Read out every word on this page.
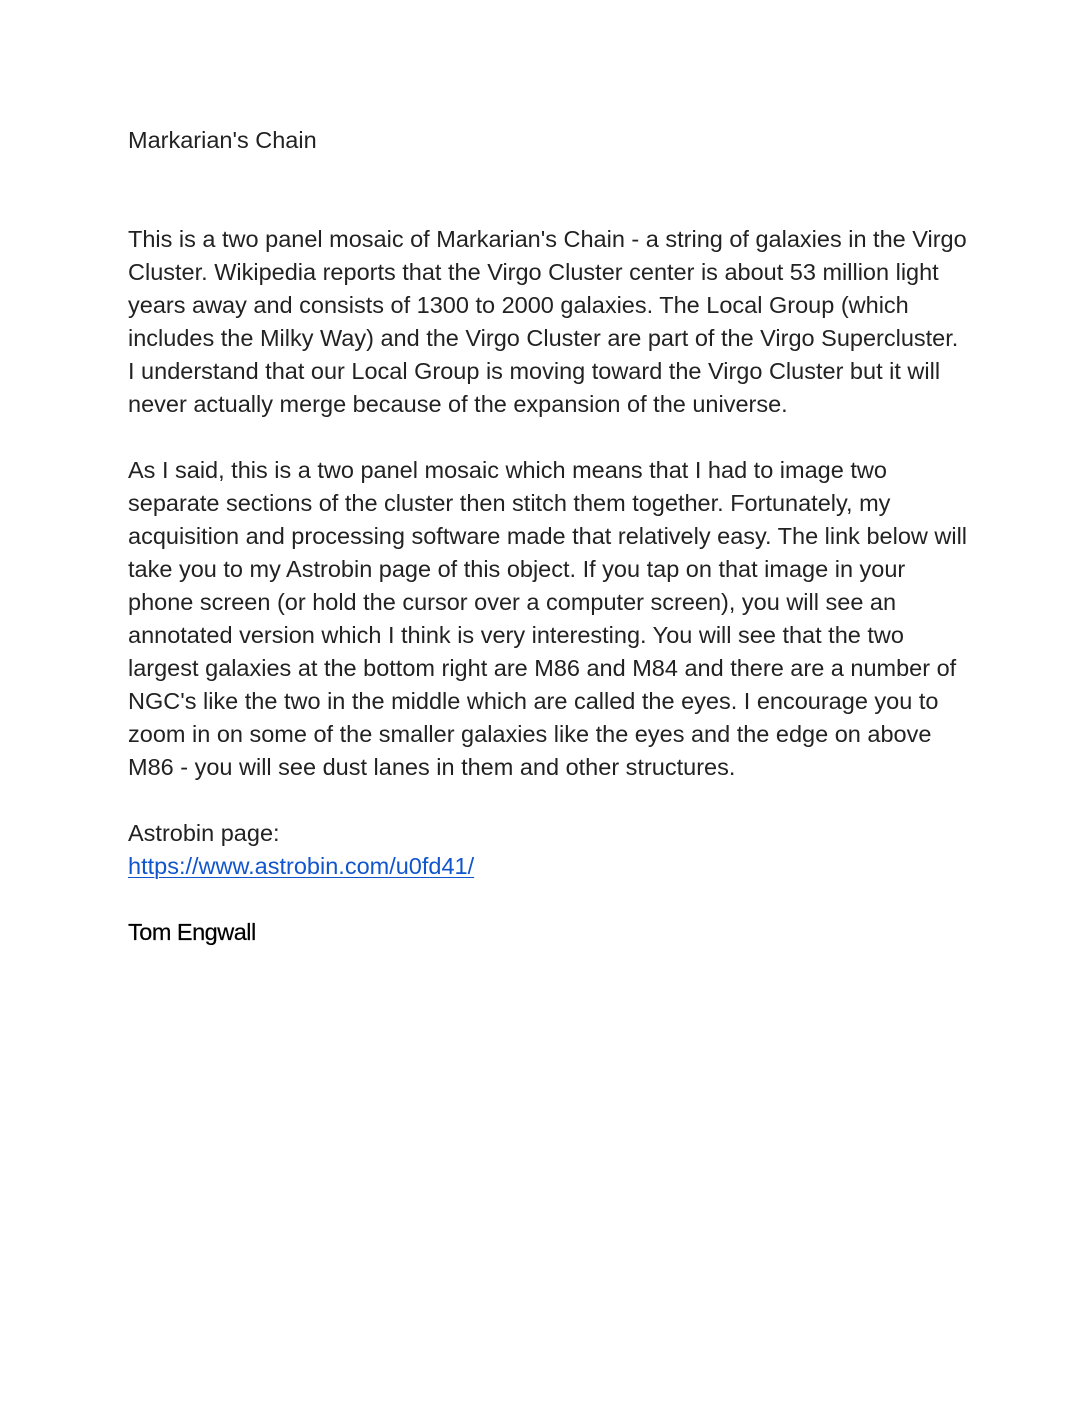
Markarian's Chain

This is a two panel mosaic of Markarian's Chain - a string of galaxies in the Virgo Cluster. Wikipedia reports that the Virgo Cluster center is about 53 million light years away and consists of 1300 to 2000 galaxies. The Local Group (which includes the Milky Way) and the Virgo Cluster are part of the Virgo Supercluster. I understand that our Local Group is moving toward the Virgo Cluster but it will never actually merge because of the expansion of the universe.

As I said, this is a two panel mosaic which means that I had to image two separate sections of the cluster then stitch them together. Fortunately, my acquisition and processing software made that relatively easy. The link below will take you to my Astrobin page of this object. If you tap on that image in your phone screen (or hold the cursor over a computer screen), you will see an annotated version which I think is very interesting. You will see that the two largest galaxies at the bottom right are M86 and M84 and there are a number of NGC's like the two in the middle which are called the eyes. I encourage you to zoom in on some of the smaller galaxies like the eyes and the edge on above M86 - you will see dust lanes in them and other structures.

Astrobin page:
https://www.astrobin.com/u0fd41/
Tom Engwall
